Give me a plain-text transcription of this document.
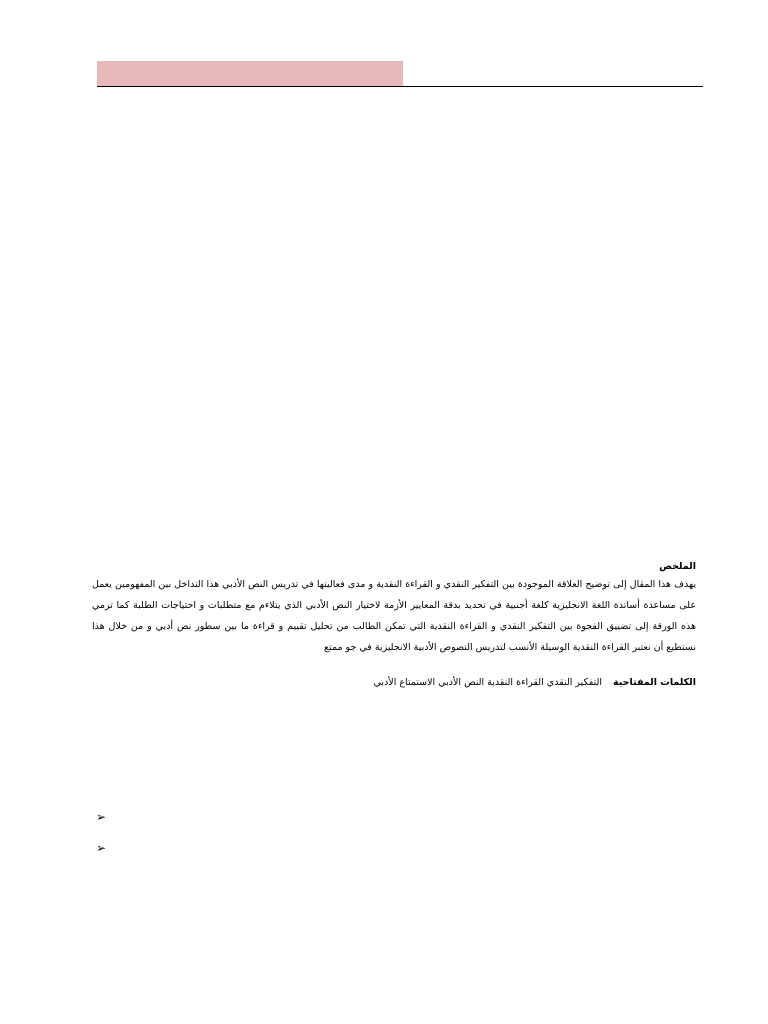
الملخص
يهدف هذا المقال إلى توضيح العلاقة الموجودة بين التفكير النقدي و القراءة النقدية و مدى فعاليتها في تدريس النص الأدبي هذا التداخل بين المفهومين يعمل على مساعدة أساتذة اللغة الانجليزية كلغة أجنبية في تحديد بدقة المعايير الأزمة لاختيار النص الأدبي الذي يتلاءم مع متطلبات و احتياجات الطلبة كما ترمي هذه الورقة إلى تضييق الفجوة بين التفكير النقدي و القراءة النقدية التي تمكن الطالب من تحليل تقييم و قراءة ما بين سطور نص أدبي و من خلال هذا نستطيع أن نعتبر القراءة النقدية الوسيلة الأنسب لتدريس النصوص الأدبية الانجليزية في جو ممتع
الكلمات المفتاحية التفكير النقدي القراءة النقدية النص الأدبي الاستمتاع الأدبي
➢
➢
